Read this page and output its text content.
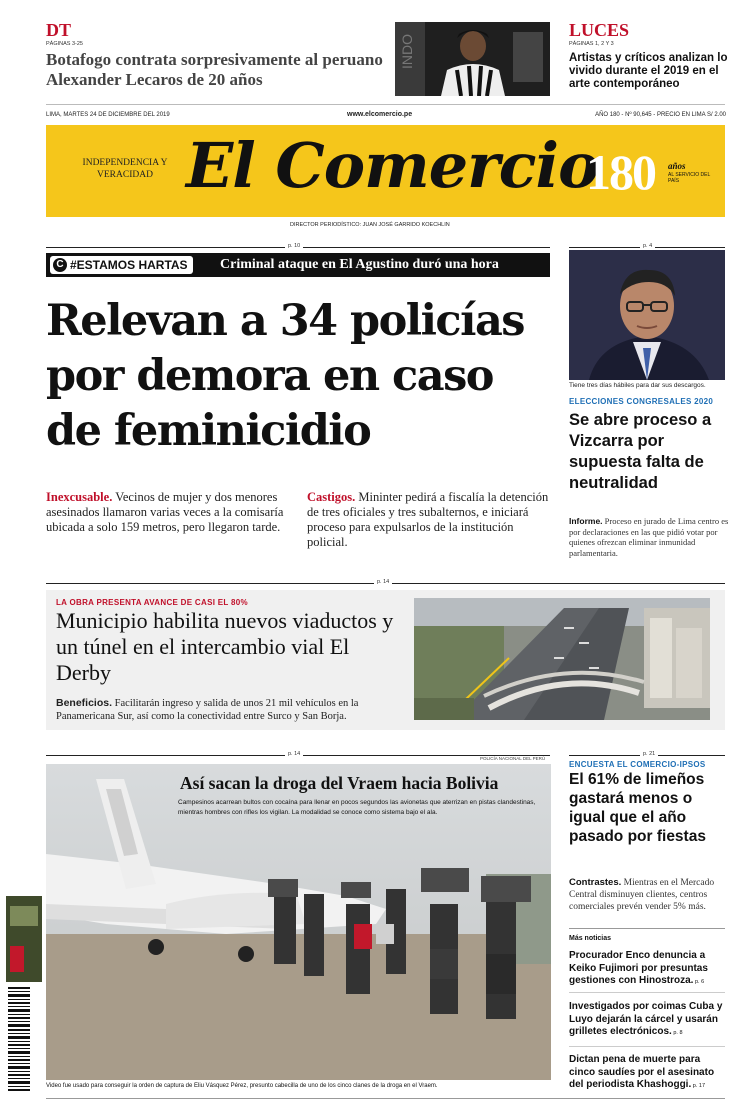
DT
PÁGINAS 3-25
Botafogo contrata sorpresivamente al peruano Alexander Lecaros de 20 años
INDO
LUCES
PÁGINAS 1, 2 Y 3
Artistas y críticos analizan lo vivido durante el 2019 en el arte contemporáneo
LIMA, MARTES 24 DE DICIEMBRE DEL 2019	www.elcomercio.pe	AÑO 180 - Nº 90,645 - PRECIO EN LIMA S/ 2.00
INDEPENDENCIA Y VERACIDAD El Comercio
180 años
AL SERVICIO DEL PAÍS
DIRECTOR PERIODÍSTICO: JUAN JOSÉ GARRIDO KOECHLIN
p. 10
C #ESTAMOS HARTAS	Criminal ataque en El Agustino duró una hora
Relevan a 34 policías por demora en caso de feminicidio
Inexcusable. Vecinos de mujer y dos menores asesinados llamaron varias veces a la comisaría ubicada a solo 159 metros, pero llegaron tarde.
Castigos. Mininter pedirá a fiscalía la detención de tres oficiales y tres subalternos, e iniciará proceso para expulsarlos de la institución policial.
p. 4
Tiene tres días hábiles para dar sus descargos.
ELECCIONES CONGRESALES 2020
Se abre proceso a Vizcarra por supuesta falta de neutralidad
Informe. Proceso en jurado de Lima centro es por declaraciones en las que pidió votar por quienes ofrezcan eliminar inmunidad parlamentaria.
p. 14
LA OBRA PRESENTA AVANCE DE CASI EL 80%
Municipio habilita nuevos viaductos y un túnel en el intercambio vial El Derby
Beneficios. Facilitarán ingreso y salida de unos 21 mil vehículos en la Panamericana Sur, así como la conectividad entre Surco y San Borja.
p. 14
POLICÍA NACIONAL DEL PERÚ
Así sacan la droga del Vraem hacia Bolivia
Campesinos acarrean bultos con cocaína para llenar en pocos segundos las avionetas que aterrizan en pistas clandestinas, mientras hombres con rifles los vigilan. La modalidad se conoce como sistema bajo el ala.
Video fue usado para conseguir la orden de captura de Eliu Vásquez Pérez, presunto cabecilla de uno de los cinco clanes de la droga en el Vraem.
p. 21
ENCUESTA EL COMERCIO-IPSOS
El 61% de limeños gastará menos o igual que el año pasado por fiestas
Contrastes. Mientras en el Mercado Central disminuyen clientes, centros comerciales prevén vender 5% más.
Más noticias
Procurador Enco denuncia a Keiko Fujimori por presuntas gestiones con Hinostroza. p. 6
Investigados por coimas Cuba y Luyo dejarán la cárcel y usarán grilletes electrónicos. p. 8
Dictan pena de muerte para cinco saudíes por el asesinato del periodista Khashoggi. p. 17
